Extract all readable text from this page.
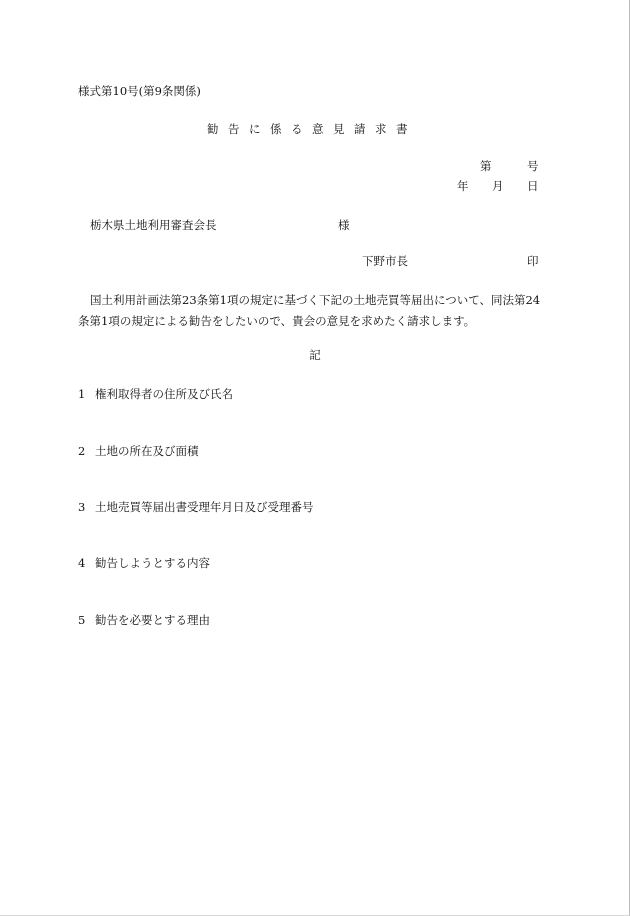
様式第10号(第9条関係)
勧告に係る意見請求書
第	号
年 月 日
栃木県土地利用審査会長	様
下野市長	印
国土利用計画法第23条第1項の規定に基づく下記の土地売買等届出について、同法第24
条第1項の規定による勧告をしたいので、貴会の意見を求めたく請求します。
記
1 権利取得者の住所及び氏名
2 土地の所在及び面積
3 土地売買等届出書受理年月日及び受理番号
4 勧告しようとする内容
5 勧告を必要とする理由
